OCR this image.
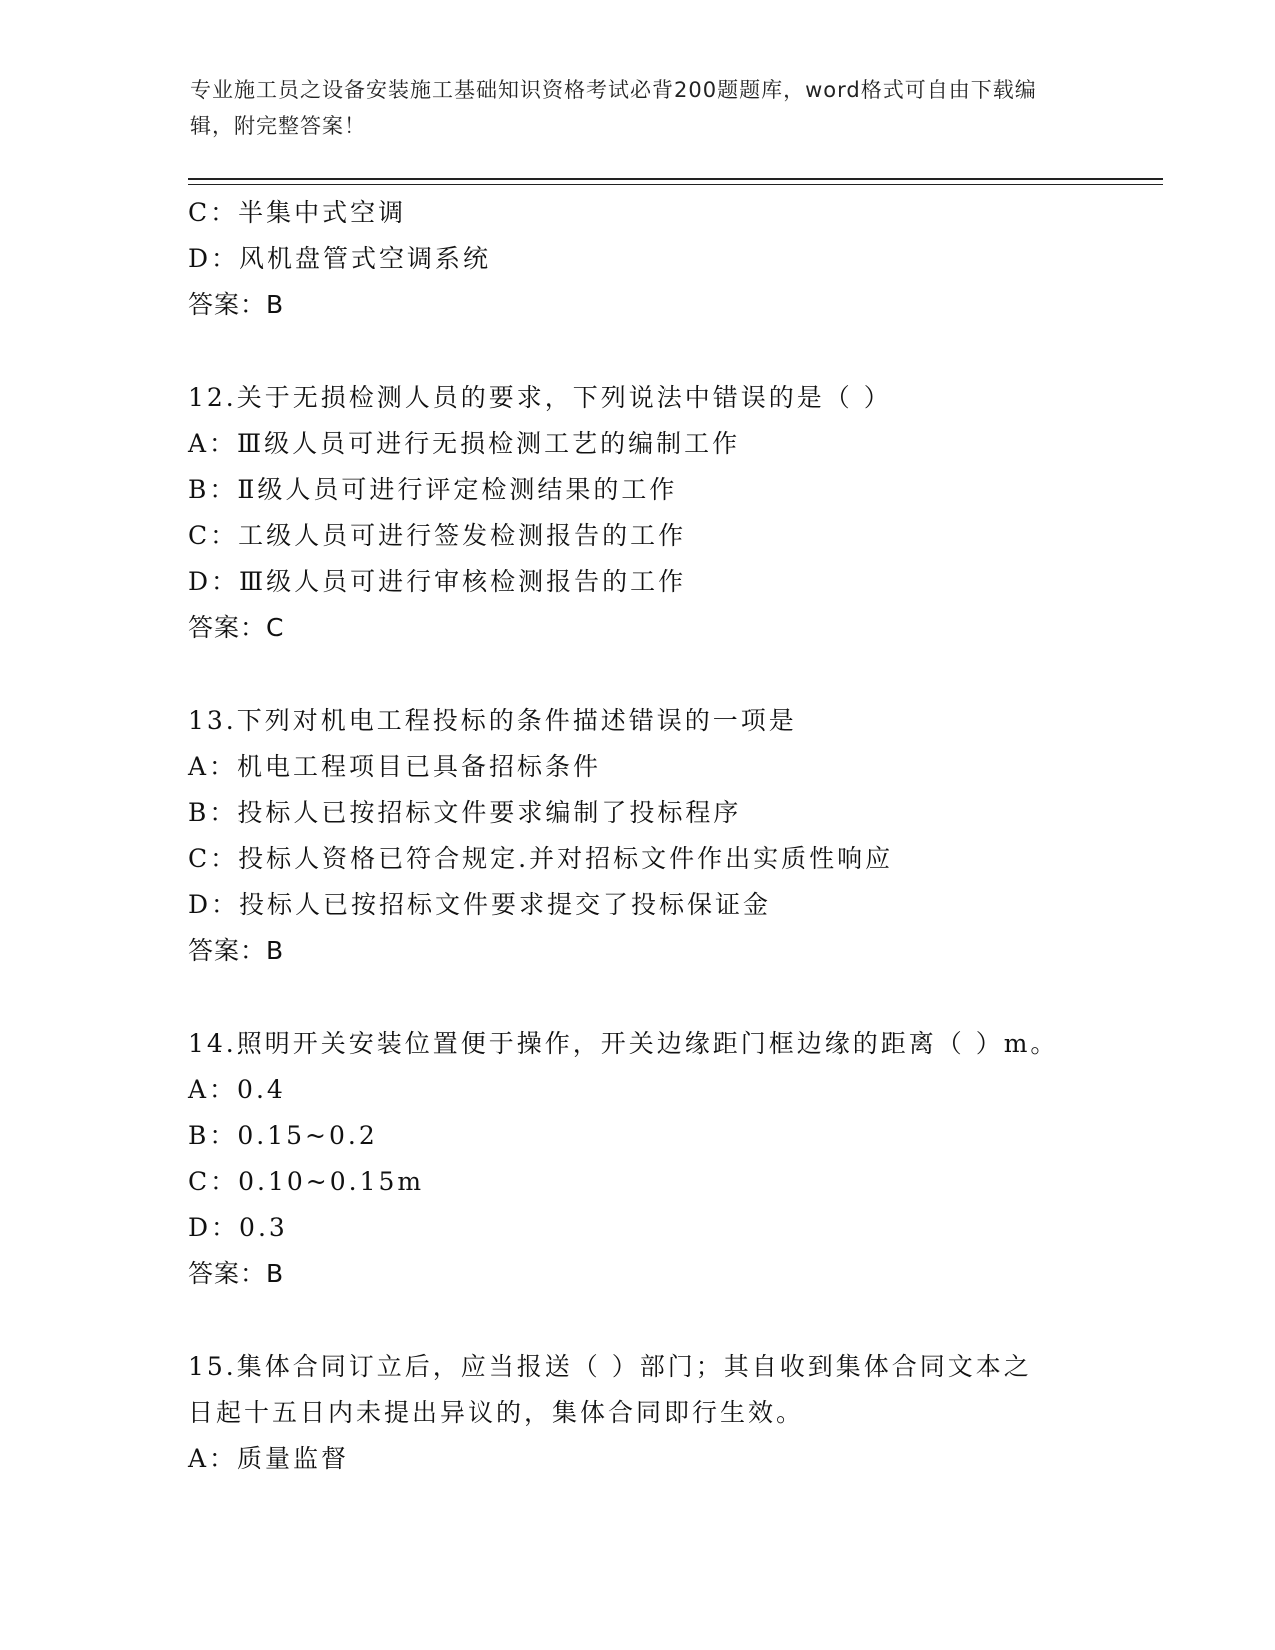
专业施工员之设备安装施工基础知识资格考试必背200题题库，word格式可自由下载编辑，附完整答案！
C：半集中式空调
D：风机盘管式空调系统
答案：B
12.关于无损检测人员的要求，下列说法中错误的是（ ）
A：Ⅲ级人员可进行无损检测工艺的编制工作
B：Ⅱ级人员可进行评定检测结果的工作
C：工级人员可进行签发检测报告的工作
D：Ⅲ级人员可进行审核检测报告的工作
答案：C
13.下列对机电工程投标的条件描述错误的一项是
A：机电工程项目已具备招标条件
B：投标人已按招标文件要求编制了投标程序
C：投标人资格已符合规定.并对招标文件作出实质性响应
D：投标人已按招标文件要求提交了投标保证金
答案：B
14.照明开关安装位置便于操作，开关边缘距门框边缘的距离（ ）m。
A：0.4
B：0.15~0.2
C：0.10~0.15m
D：0.3
答案：B
15.集体合同订立后，应当报送（ ）部门；其自收到集体合同文本之
日起十五日内未提出异议的，集体合同即行生效。
A：质量监督
